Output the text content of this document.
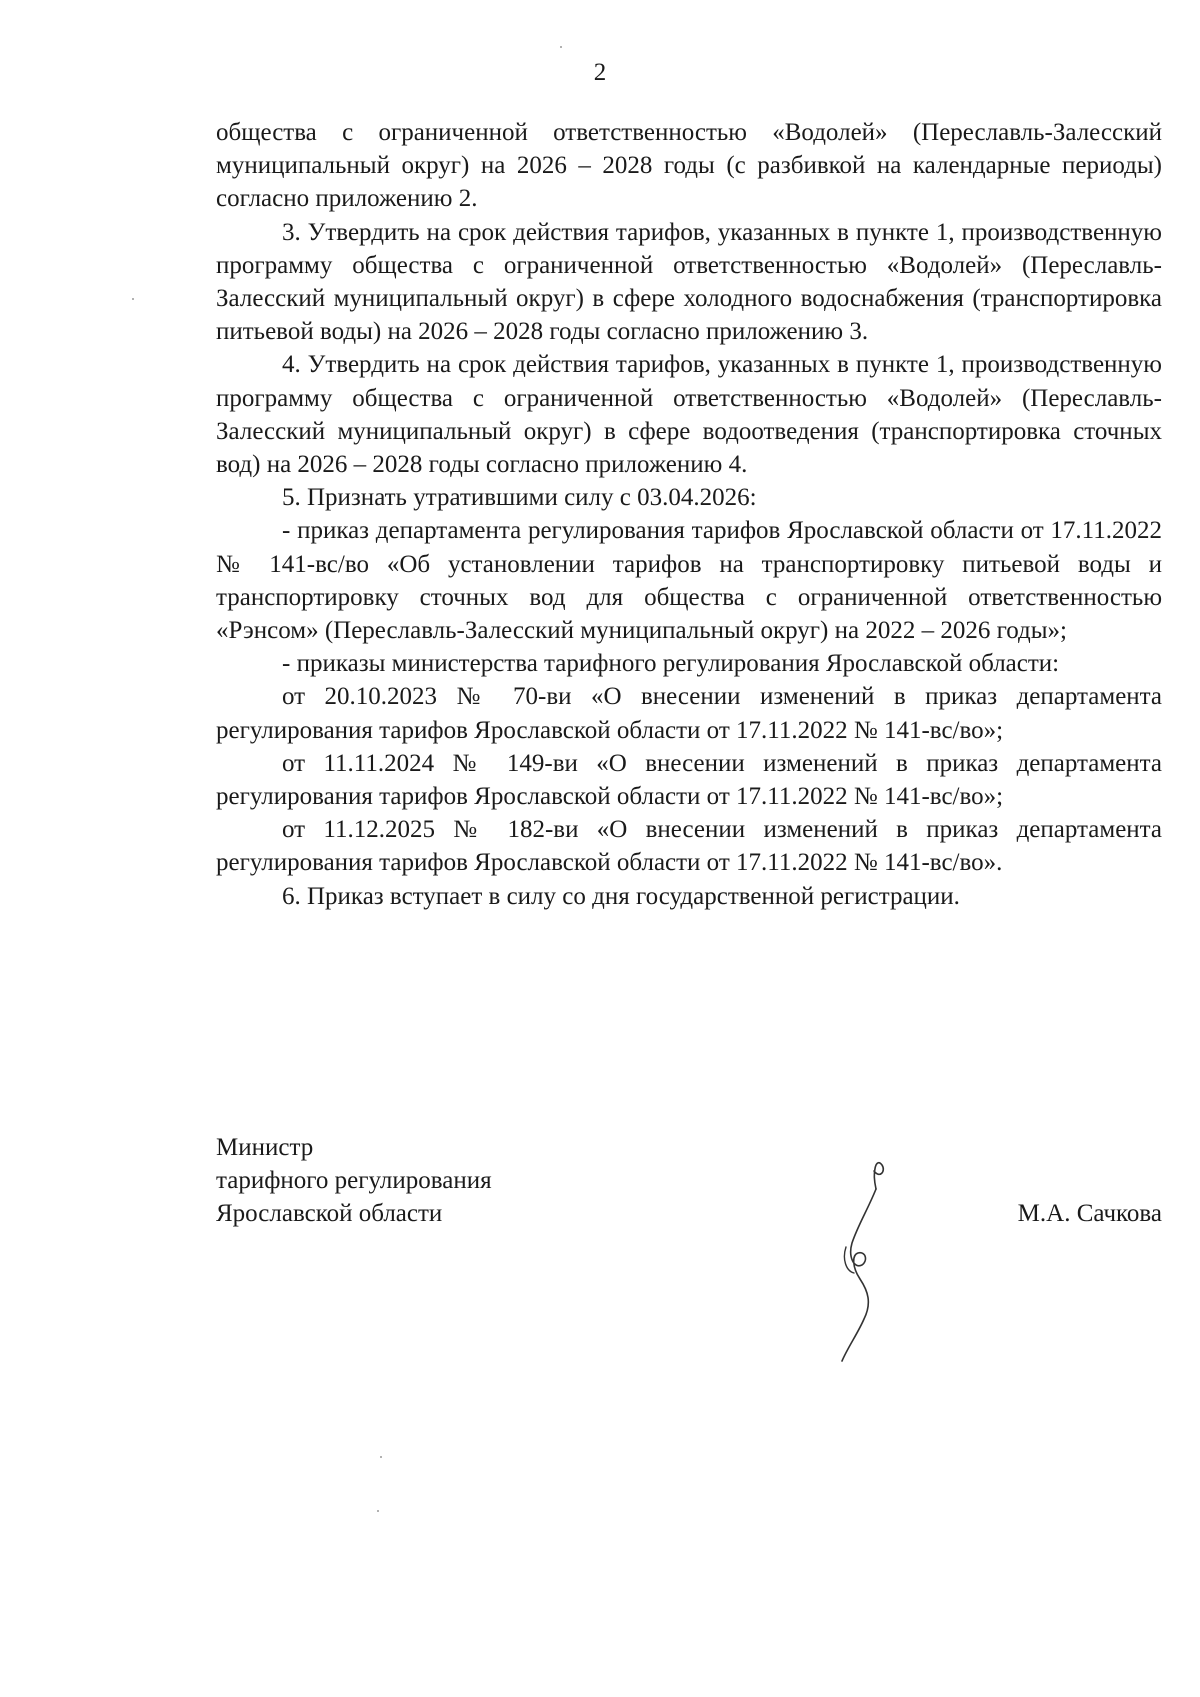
2

общества с ограниченной ответственностью «Водолей» (Переславль-Залесский муниципальный округ) на 2026 – 2028 годы (с разбивкой на календарные периоды) согласно приложению 2.

3. Утвердить на срок действия тарифов, указанных в пункте 1, производственную программу общества с ограниченной ответственностью «Водолей» (Переславль-Залесский муниципальный округ) в сфере холодного водоснабжения (транспортировка питьевой воды) на 2026 – 2028 годы согласно приложению 3.

4. Утвердить на срок действия тарифов, указанных в пункте 1, производственную программу общества с ограниченной ответственностью «Водолей» (Переславль-Залесский муниципальный округ) в сфере водоотведения (транспортировка сточных вод) на 2026 – 2028 годы согласно приложению 4.

5. Признать утратившими силу с 03.04.2026:

- приказ департамента регулирования тарифов Ярославской области от 17.11.2022 № 141-вс/во «Об установлении тарифов на транспортировку питьевой воды и транспортировку сточных вод для общества с ограниченной ответственностью «Рэнсом» (Переславль-Залесский муниципальный округ) на 2022 – 2026 годы»;

- приказы министерства тарифного регулирования Ярославской области:

от 20.10.2023 № 70-ви «О внесении изменений в приказ департамента регулирования тарифов Ярославской области от 17.11.2022 № 141-вс/во»;

от 11.11.2024 № 149-ви «О внесении изменений в приказ департамента регулирования тарифов Ярославской области от 17.11.2022 № 141-вс/во»;

от 11.12.2025 № 182-ви «О внесении изменений в приказ департамента регулирования тарифов Ярославской области от 17.11.2022 № 141-вс/во».

6. Приказ вступает в силу со дня государственной регистрации.

Министр
тарифного регулирования
Ярославской области	М.А. Сачкова
